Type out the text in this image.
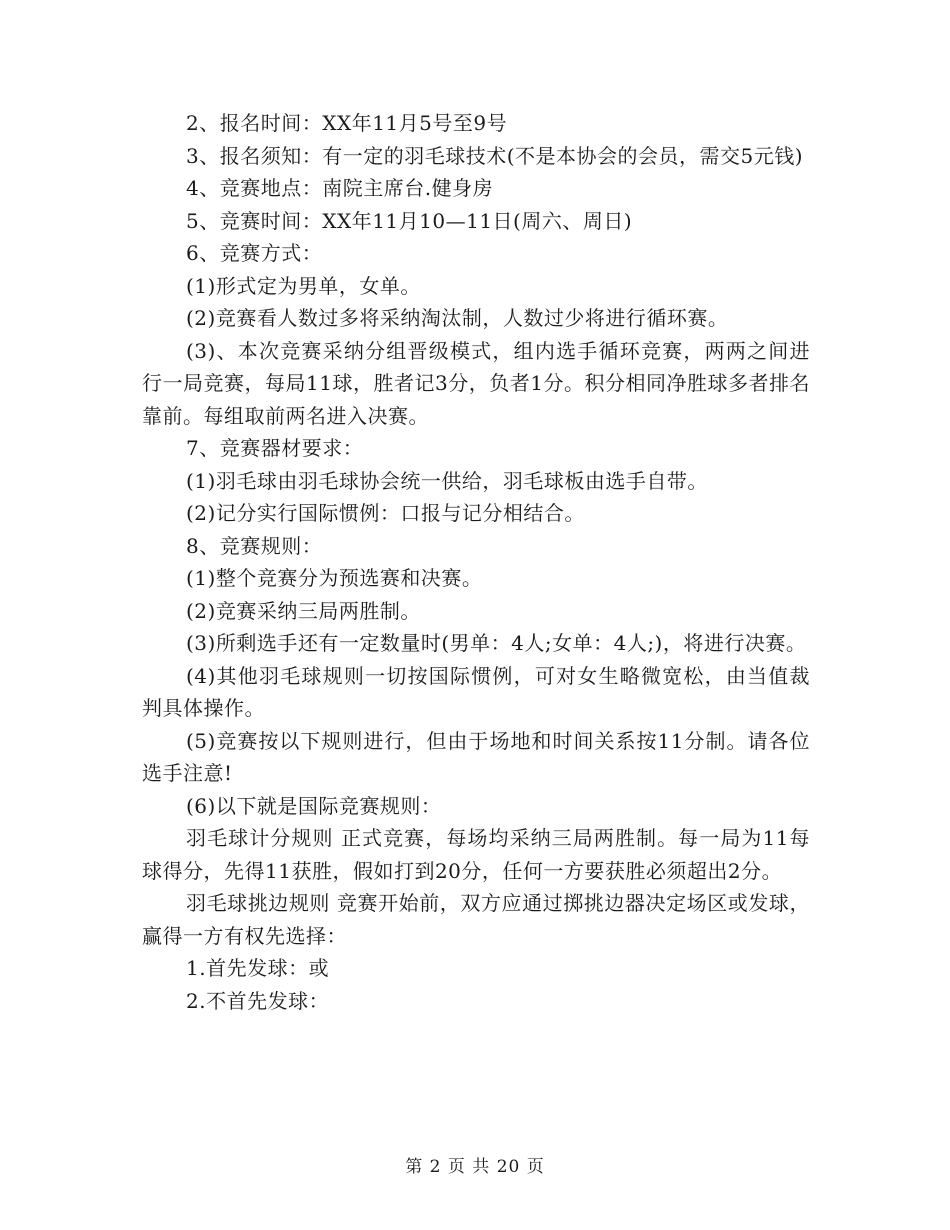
2、报名时间：XX年11月5号至9号

3、报名须知：有一定的羽毛球技术(不是本协会的会员，需交5元钱)

4、竞赛地点：南院主席台.健身房

5、竞赛时间：XX年11月10—11日(周六、周日)

6、竞赛方式：

(1)形式定为男单，女单。

(2)竞赛看人数过多将采纳淘汰制，人数过少将进行循环赛。

(3)、本次竞赛采纳分组晋级模式，组内选手循环竞赛，两两之间进行一局竞赛，每局11球，胜者记3分，负者1分。积分相同净胜球多者排名靠前。每组取前两名进入决赛。

7、竞赛器材要求：

(1)羽毛球由羽毛球协会统一供给，羽毛球板由选手自带。

(2)记分实行国际惯例：口报与记分相结合。

8、竞赛规则：

(1)整个竞赛分为预选赛和决赛。

(2)竞赛采纳三局两胜制。

(3)所剩选手还有一定数量时(男单：4人;女单：4人;)，将进行决赛。

(4)其他羽毛球规则一切按国际惯例，可对女生略微宽松，由当值裁判具体操作。

(5)竞赛按以下规则进行，但由于场地和时间关系按11分制。请各位选手注意!

(6)以下就是国际竞赛规则：

羽毛球计分规则 正式竞赛，每场均采纳三局两胜制。每一局为11每球得分，先得11获胜，假如打到20分，任何一方要获胜必须超出2分。

羽毛球挑边规则 竞赛开始前，双方应通过掷挑边器决定场区或发球，赢得一方有权先选择：

1.首先发球：或

2.不首先发球：

第 2 页 共 20 页
